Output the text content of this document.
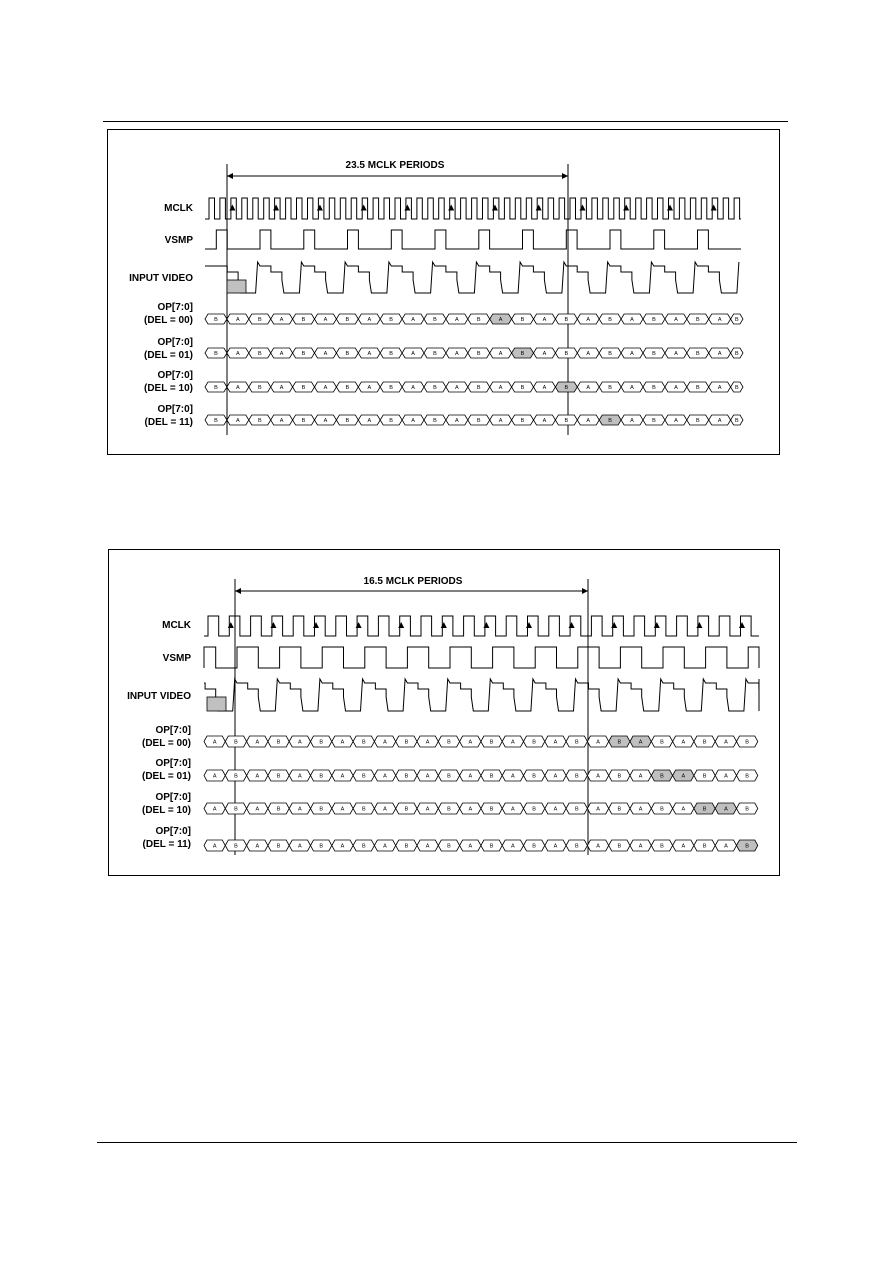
B	A	B	A	B	A	B	A	B	A	B	A	B	A	B	A	B	A	B	A	B	A	B	A B
B	A	B	A	B	A	B	A	B	A	B	A	B	A	B	A	B	A	B	A	B	A	B	A B
B	A	B	A	B	A	B	A	B	A	B	A	B	A	B	A	B	A	B	A	B	A	B	A B
B	A	B	A	B	A	B	A	B	A	B	A	B	A	B	A	B	A	B	A	B	A	B	A B
23.5 MCLK PERIODS
MCLK
VSMP
INPUT VIDEO
OP[7:0]
(DEL = 00)
OP[7:0]
(DEL = 01)
OP[7:0]
(DEL = 10)
OP[7:0]
(DEL = 11)
A	B	A	B	A	B	A	B	A	B	A	B	A	B	A	B	A	B	A	B	A	B	A	B	A	B
A	B	A	B	A	B	A	B	A	B	A	B	A	B	A	B	A	B	A	B	A	B	A	B	A	B
A	B	A	B	A	B	A	B	A	B	A	B	A	B	A	B	A	B	A	B	A	B	A	B	A	B
A	B	A	B	A	B	A	B	A	B	A	B	A	B	A	B	A	B	A	B	A	B	A	B	A	B
16.5 MCLK PERIODS
MCLK
VSMP
INPUT VIDEO
OP[7:0]
(DEL = 00)
OP[7:0]
(DEL = 01)
OP[7:0]
(DEL = 10)
OP[7:0]
(DEL = 11)
